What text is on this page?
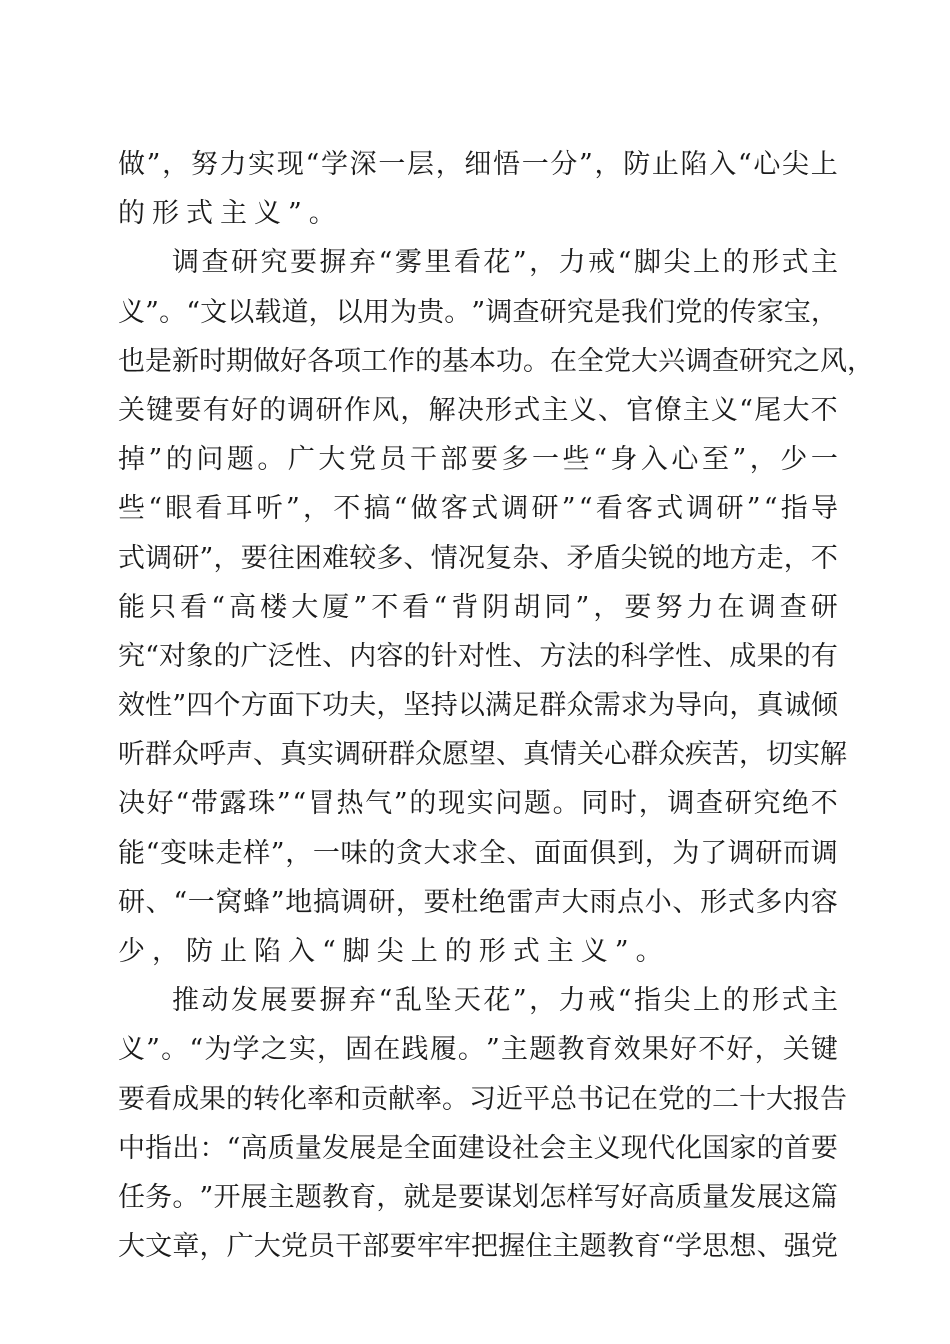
做 ” ， 努 力 实 现 “ 学 深 一 层 ， 细 悟 一 分 ” ， 防 止 陷 入 “ 心 尖 上
的形式主义”。
调 查 研 究 要 摒 弃 “ 雾 里 看 花 ” ， 力 戒 “ 脚 尖 上 的 形 式 主
义 ” 。 “ 文 以 载 道 ， 以 用 为 贵 。 ” 调 查 研 究 是 我 们 党 的 传 家 宝 ，
也 是 新 时 期 做 好 各 项 工 作 的 基 本 功 。 在 全 党 大 兴 调 查 研 究 之 风 ，
关 键 要 有 好 的 调 研 作 风 ， 解 决 形 式 主 义 、 官 僚 主 义 “ 尾 大 不
掉 ” 的 问 题 。 广 大 党 员 干 部 要 多 一 些 “ 身 入 心 至 ” ， 少 一
些 “ 眼 看 耳 听 ” ， 不 搞 “ 做 客 式 调 研 ” “ 看 客 式 调 研 ” “ 指 导
式 调 研 ” ， 要 往 困 难 较 多 、 情 况 复 杂 、 矛 盾 尖 锐 的 地 方 走 ， 不
能 只 看 “ 高 楼 大 厦 ” 不 看 “ 背 阴 胡 同 ” ， 要 努 力 在 调 查 研
究 “ 对 象 的 广 泛 性 、 内 容 的 针 对 性 、 方 法 的 科 学 性 、 成 果 的 有
效 性 ” 四 个 方 面 下 功 夫 ， 坚 持 以 满 足 群 众 需 求 为 导 向 ， 真 诚 倾
听 群 众 呼 声 、 真 实 调 研 群 众 愿 望 、 真 情 关 心 群 众 疾 苦 ， 切 实 解
决 好 “ 带 露 珠 ” “ 冒 热 气 ” 的 现 实 问 题 。 同 时 ， 调 查 研 究 绝 不
能 “ 变 味 走 样 ” ， 一 味 的 贪 大 求 全 、 面 面 俱 到 ， 为 了 调 研 而 调
研 、 “ 一 窝 蜂 ” 地 搞 调 研 ， 要 杜 绝 雷 声 大 雨 点 小 、 形 式 多 内 容
少，防止陷入“脚尖上的形式主义”。
推 动 发 展 要 摒 弃 “ 乱 坠 天 花 ” ， 力 戒 “ 指 尖 上 的 形 式 主
义 ” 。 “ 为 学 之 实 ， 固 在 践 履 。 ” 主 题 教 育 效 果 好 不 好 ， 关 键
要 看 成 果 的 转 化 率 和 贡 献 率 。 习 近 平 总 书 记 在 党 的 二 十 大 报 告
中 指 出 ： “ 高 质 量 发 展 是 全 面 建 设 社 会 主 义 现 代 化 国 家 的 首 要
任 务 。 ” 开 展 主 题 教 育 ， 就 是 要 谋 划 怎 样 写 好 高 质 量 发 展 这 篇
大 文 章 ， 广 大 党 员 干 部 要 牢 牢 把 握 住 主 题 教 育 “ 学 思 想 、 强 党
